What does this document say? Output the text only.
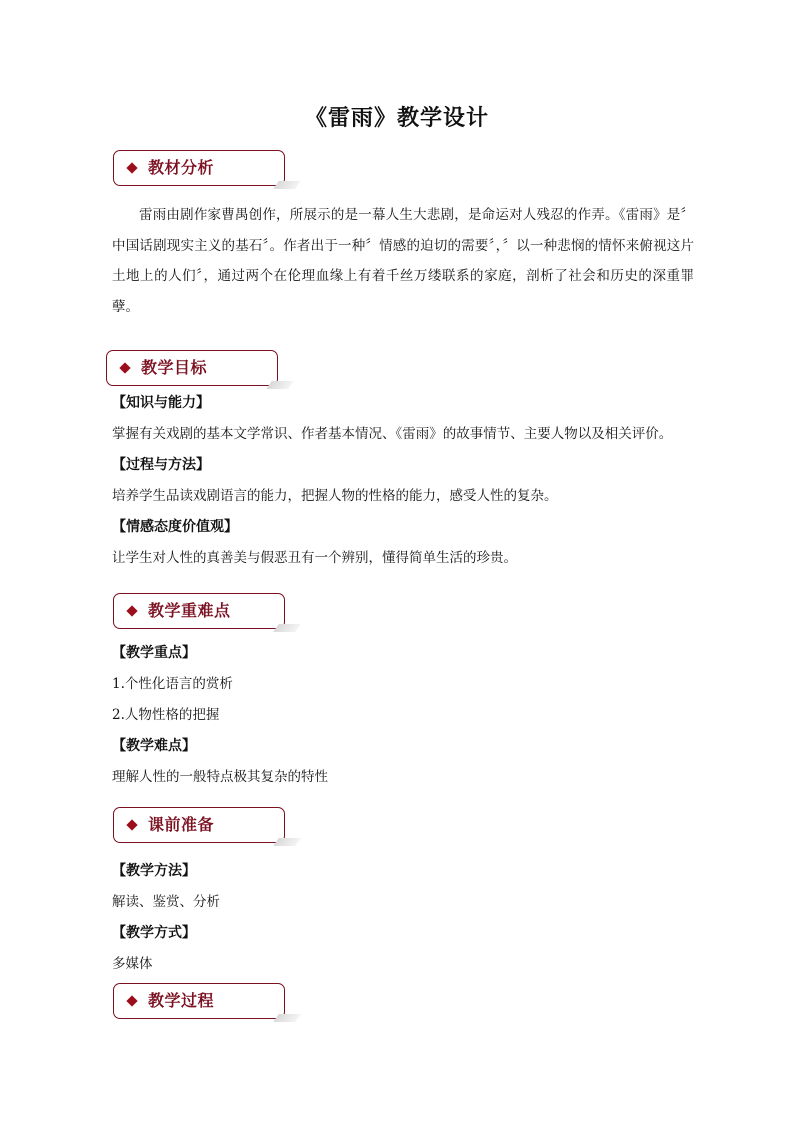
《雷雨》教学设计
教材分析
雷雨由剧作家曹禺创作，所展示的是一幕人生大悲剧，是命运对人残忍的作弄。《雷雨》是〞中国话剧现实主义的基石〞。作者出于一种〞情感的迫切的需要〞，〞以一种悲悯的情怀来俯视这片土地上的人们〞，通过两个在伦理血缘上有着千丝万缕联系的家庭，剖析了社会和历史的深重罪孽。
教学目标
【知识与能力】
掌握有关戏剧的基本文学常识、作者基本情况、《雷雨》的故事情节、主要人物以及相关评价。
【过程与方法】
培养学生品读戏剧语言的能力，把握人物的性格的能力，感受人性的复杂。
【情感态度价值观】
让学生对人性的真善美与假恶丑有一个辨别，懂得简单生活的珍贵。
教学重难点
【教学重点】
1.个性化语言的赏析
2.人物性格的把握
【教学难点】
理解人性的一般特点极其复杂的特性
课前准备
【教学方法】
解读、鉴赏、分析
【教学方式】
多媒体
教学过程
